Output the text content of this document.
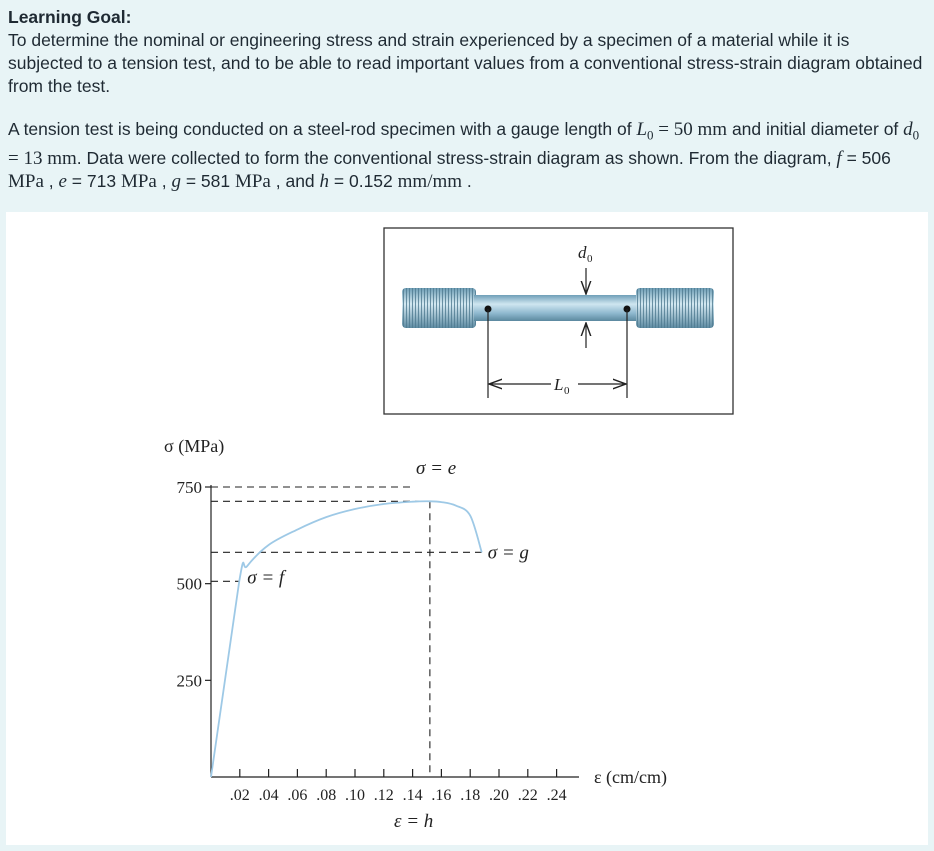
Learning Goal:
To determine the nominal or engineering stress and strain experienced by a specimen of a material while it is subjected to a tension test, and to be able to read important values from a conventional stress-strain diagram obtained from the test.
A tension test is being conducted on a steel-rod specimen with a gauge length of $L_0 = 50$ mm and initial diameter of $d_0 = 13$ mm. Data were collected to form the conventional stress-strain diagram as shown. From the diagram, f = 506 MPa , e = 713 MPa , g = 581 MPa , and h = 0.152 mm/mm .
L 0
d 0
σ (MPa)
ε (cm/cm)
250
500
750
.02 .04 .06 .08 .10 .12 .14 .16 .18 .20 .22 .24
σ = f
σ = e
σ = g
ε = h
